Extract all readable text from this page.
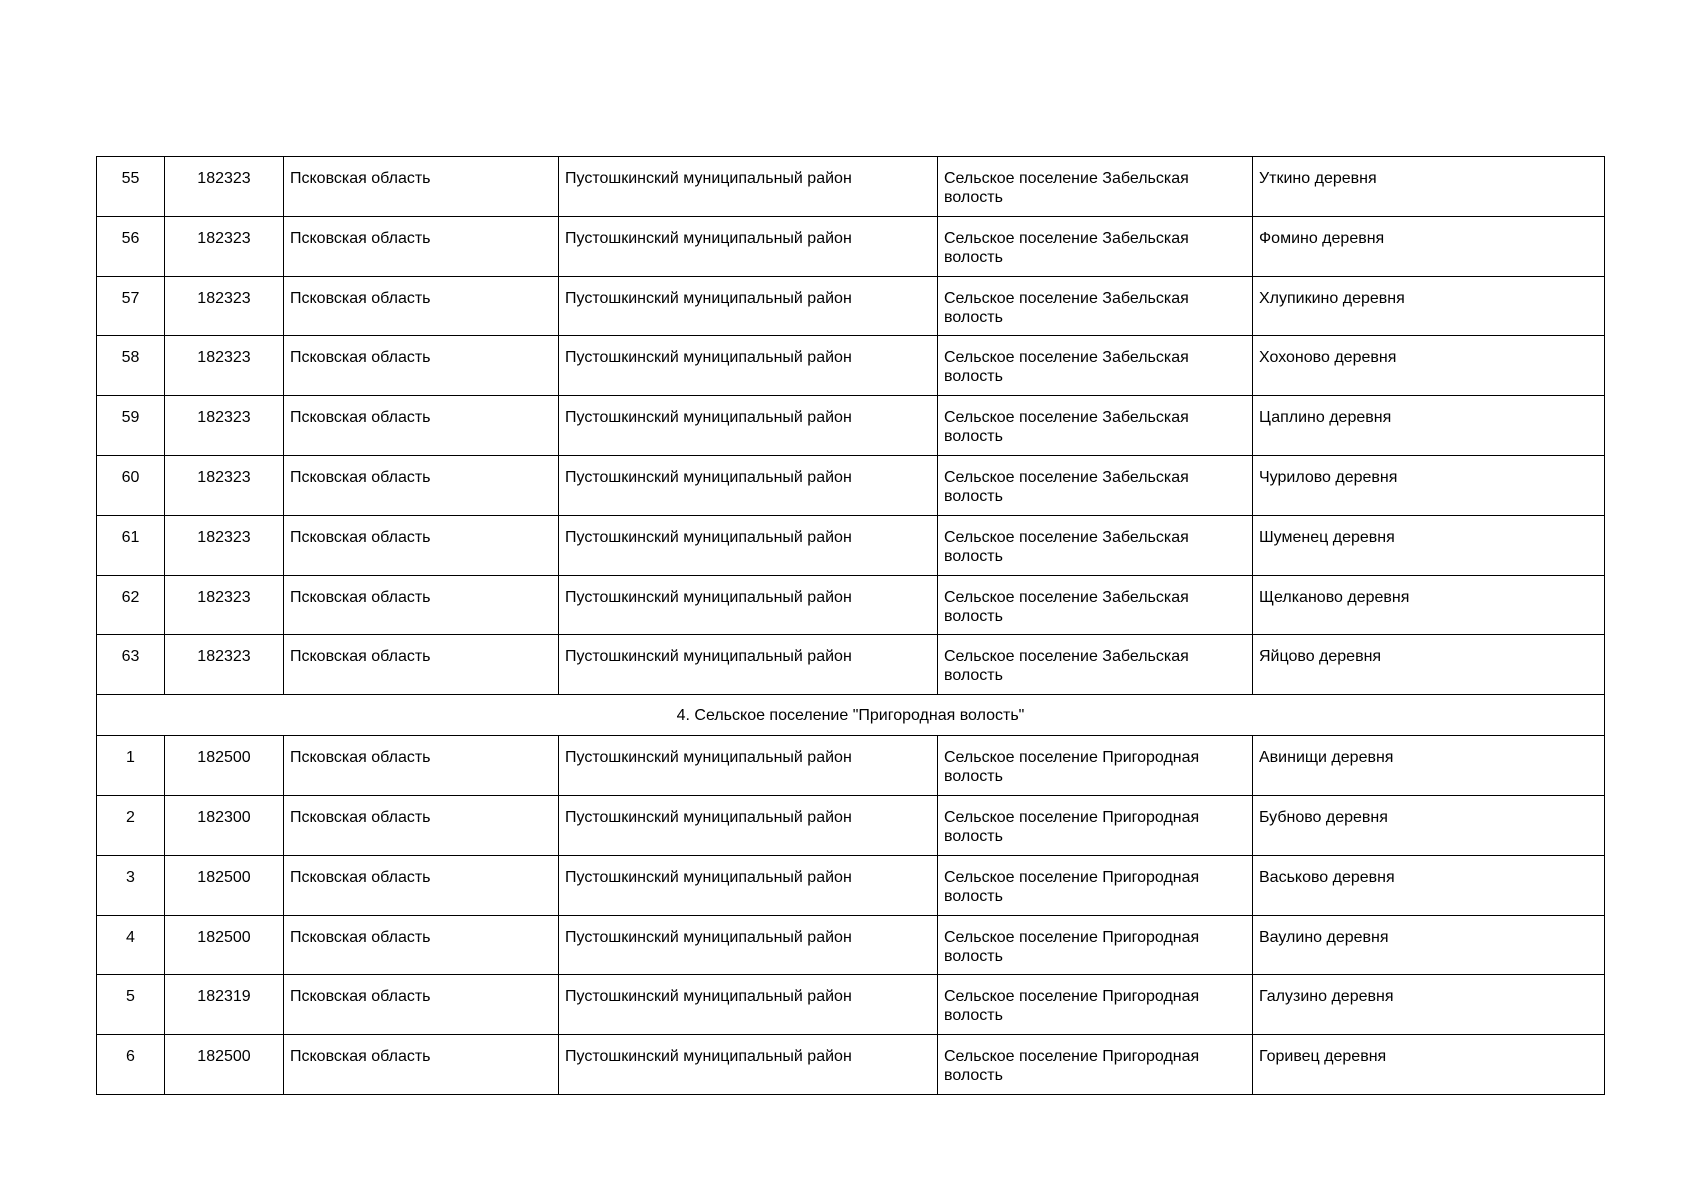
55	182323	Псковская область	Пустошкинский муниципальный район	Сельское поселение Забельская волость	Уткино деревня
56	182323	Псковская область	Пустошкинский муниципальный район	Сельское поселение Забельская волость	Фомино деревня
57	182323	Псковская область	Пустошкинский муниципальный район	Сельское поселение Забельская волость	Хлупикино деревня
58	182323	Псковская область	Пустошкинский муниципальный район	Сельское поселение Забельская волость	Хохоново деревня
59	182323	Псковская область	Пустошкинский муниципальный район	Сельское поселение Забельская волость	Цаплино деревня
60	182323	Псковская область	Пустошкинский муниципальный район	Сельское поселение Забельская волость	Чурилово деревня
61	182323	Псковская область	Пустошкинский муниципальный район	Сельское поселение Забельская волость	Шуменец деревня
62	182323	Псковская область	Пустошкинский муниципальный район	Сельское поселение Забельская волость	Щелканово деревня
63	182323	Псковская область	Пустошкинский муниципальный район	Сельское поселение Забельская волость	Яйцово деревня
4. Сельское поселение "Пригородная волость"					
1	182500	Псковская область	Пустошкинский муниципальный район	Сельское поселение Пригородная волость	Авинищи деревня
2	182300	Псковская область	Пустошкинский муниципальный район	Сельское поселение Пригородная волость	Бубново деревня
3	182500	Псковская область	Пустошкинский муниципальный район	Сельское поселение Пригородная волость	Васьково деревня
4	182500	Псковская область	Пустошкинский муниципальный район	Сельское поселение Пригородная волость	Ваулино деревня
5	182319	Псковская область	Пустошкинский муниципальный район	Сельское поселение Пригородная волость	Галузино деревня
6	182500	Псковская область	Пустошкинский муниципальный район	Сельское поселение Пригородная волость	Горивец деревня
